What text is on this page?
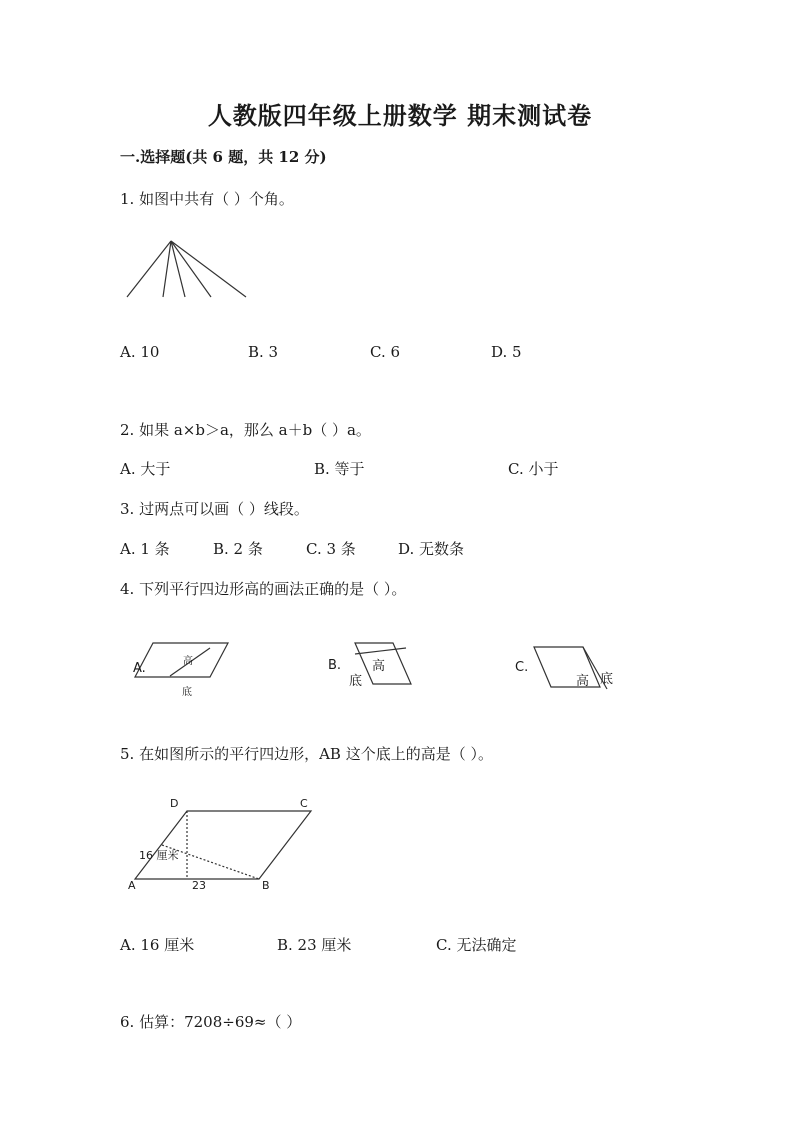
人教版四年级上册数学 期末测试卷
一.选择题(共 6 题，共 12 分)
1. 如图中共有（ ）个角。
A. 10	B. 3	C. 6	D. 5
2. 如果 a×b＞a，那么 a＋b（ ）a。
A. 大于	B. 等于	C. 小于
3. 过两点可以画（ ）线段。
A. 1 条	B. 2 条	C. 3 条	D. 无数条
4. 下列平行四边形高的画法正确的是（ ）。
A.	高
底
B. 高
底
C.
高 底
5. 在如图所示的平行四边形，AB 这个底上的高是（ ）。
D	C
A	B
16 厘米
23
A. 16 厘米	B. 23 厘米	C. 无法确定
6. 估算：7208÷69≈（ ）
